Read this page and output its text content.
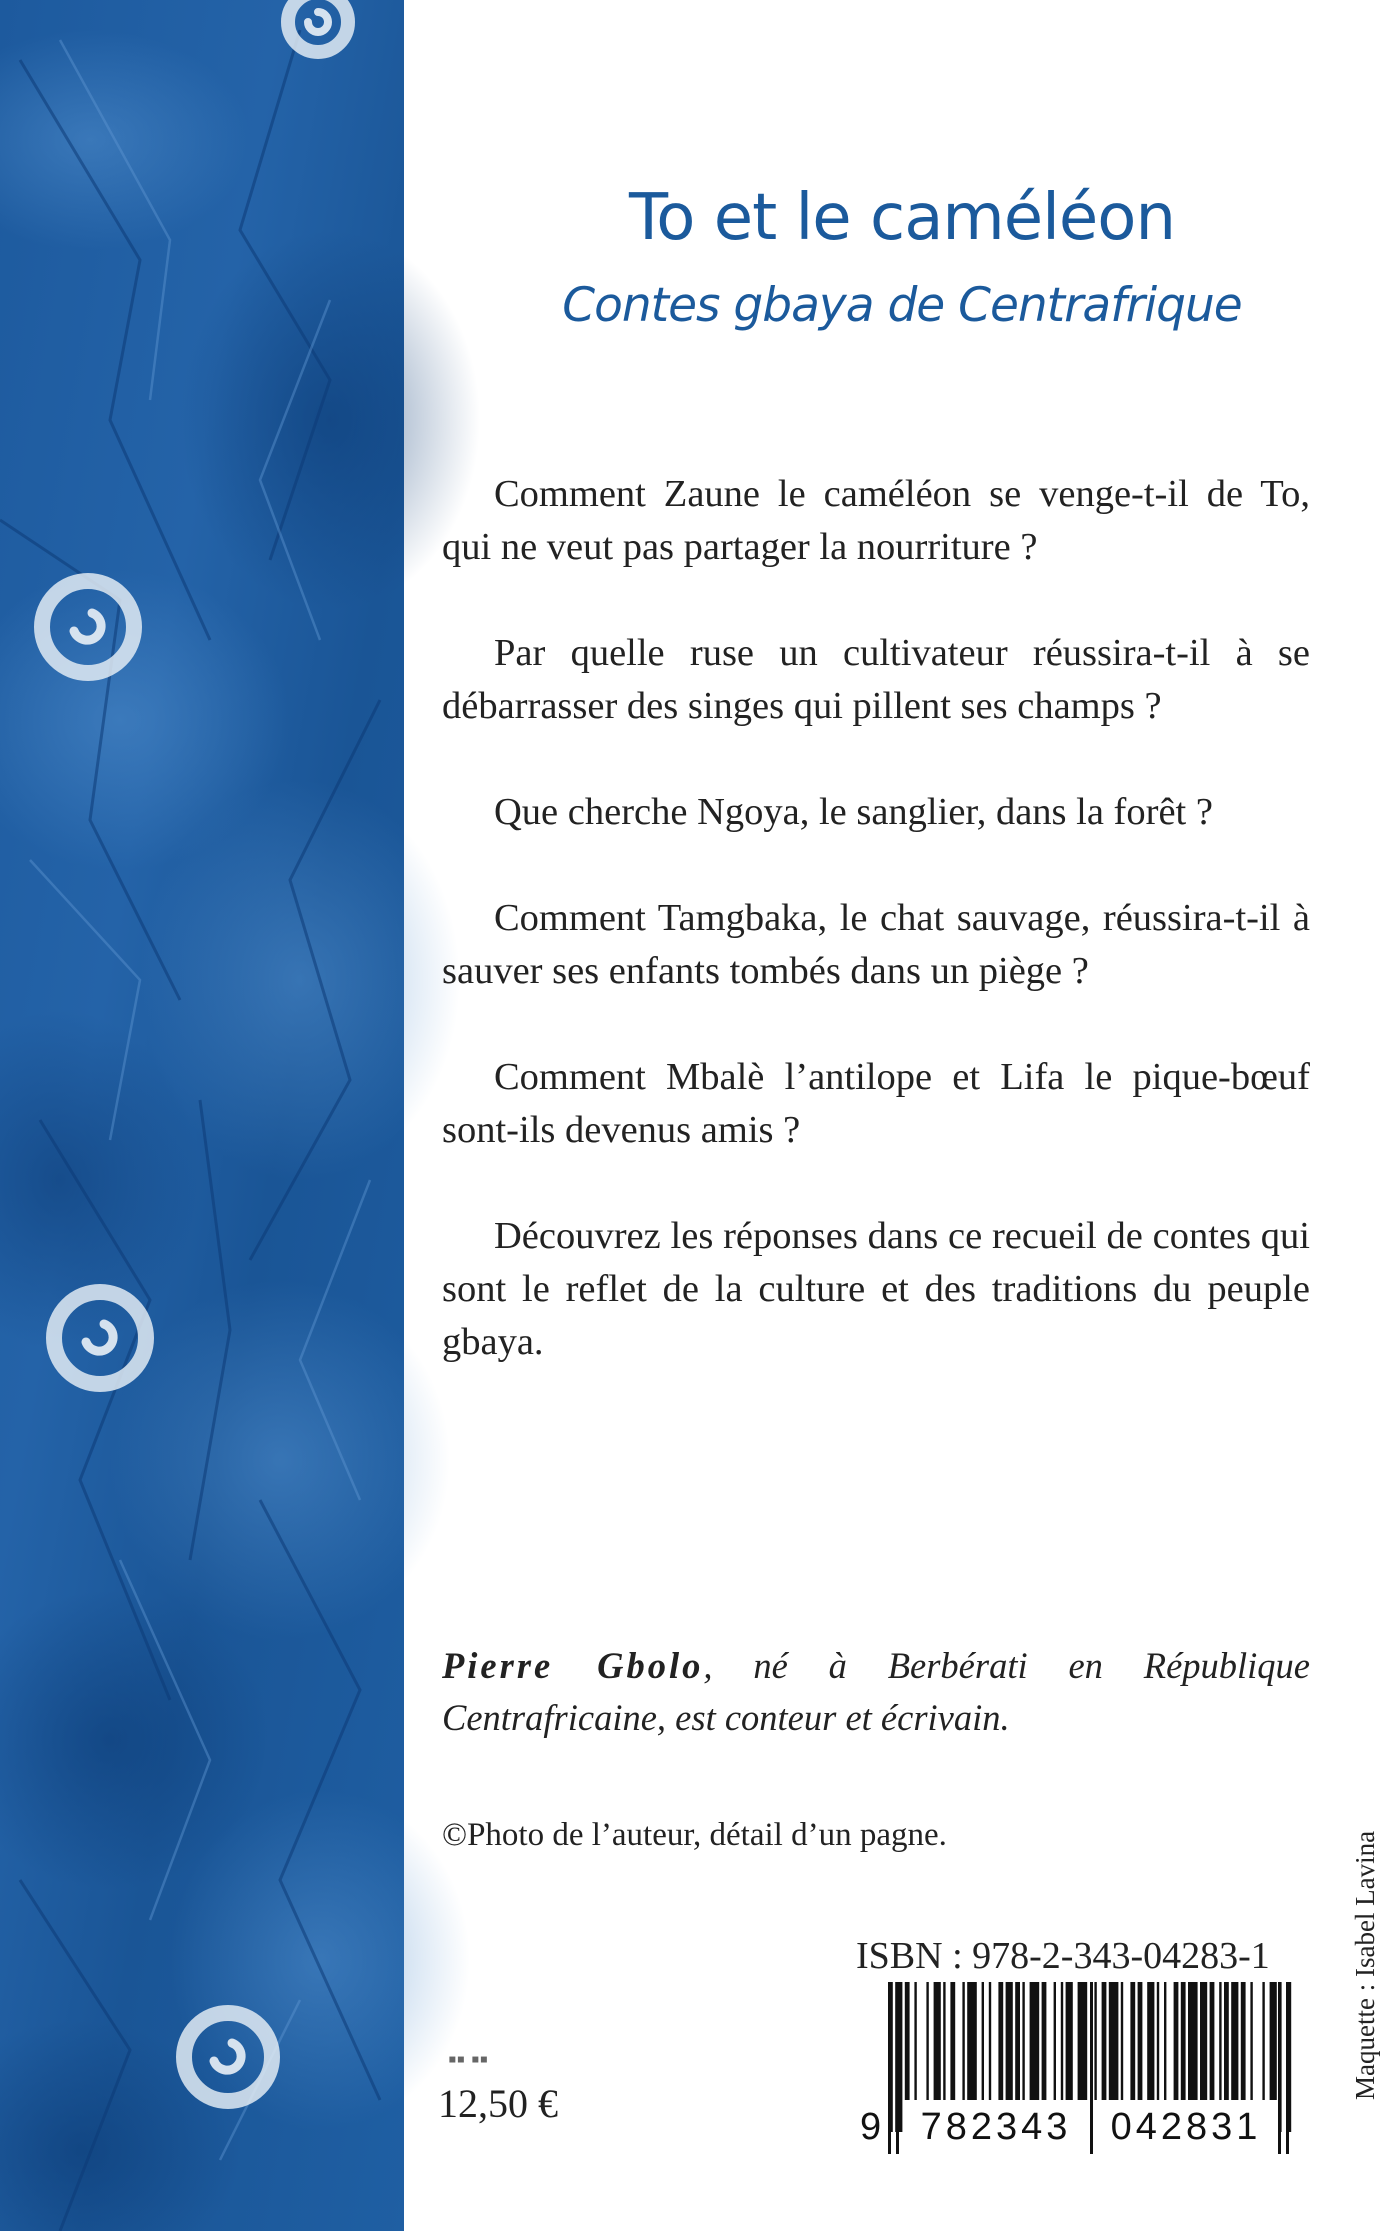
To et le caméléon
Contes gbaya de Centrafrique

Comment Zaune le caméléon se venge-t-il de To, qui ne veut pas partager la nourriture ?

Par quelle ruse un cultivateur réussira-t-il à se débarrasser des singes qui pillent ses champs ?

Que cherche Ngoya, le sanglier, dans la forêt ?

Comment Tamgbaka, le chat sauvage, réussira-t-il à sauver ses enfants tombés dans un piège ?

Comment Mbalè l’antilope et Lifa le pique-bœuf sont-ils devenus amis ?

Découvrez les réponses dans ce recueil de contes qui sont le reflet de la culture et des traditions du peuple gbaya.

Pierre Gbolo, né à Berbérati en République Centrafricaine, est conteur et écrivain.

©Photo de l’auteur, détail d’un pagne.	Maquette : Isabel Lavina

ISBN : 978-2-343-04283-1

9	782343	042831
▪▪ ▪▪

12,50 €
